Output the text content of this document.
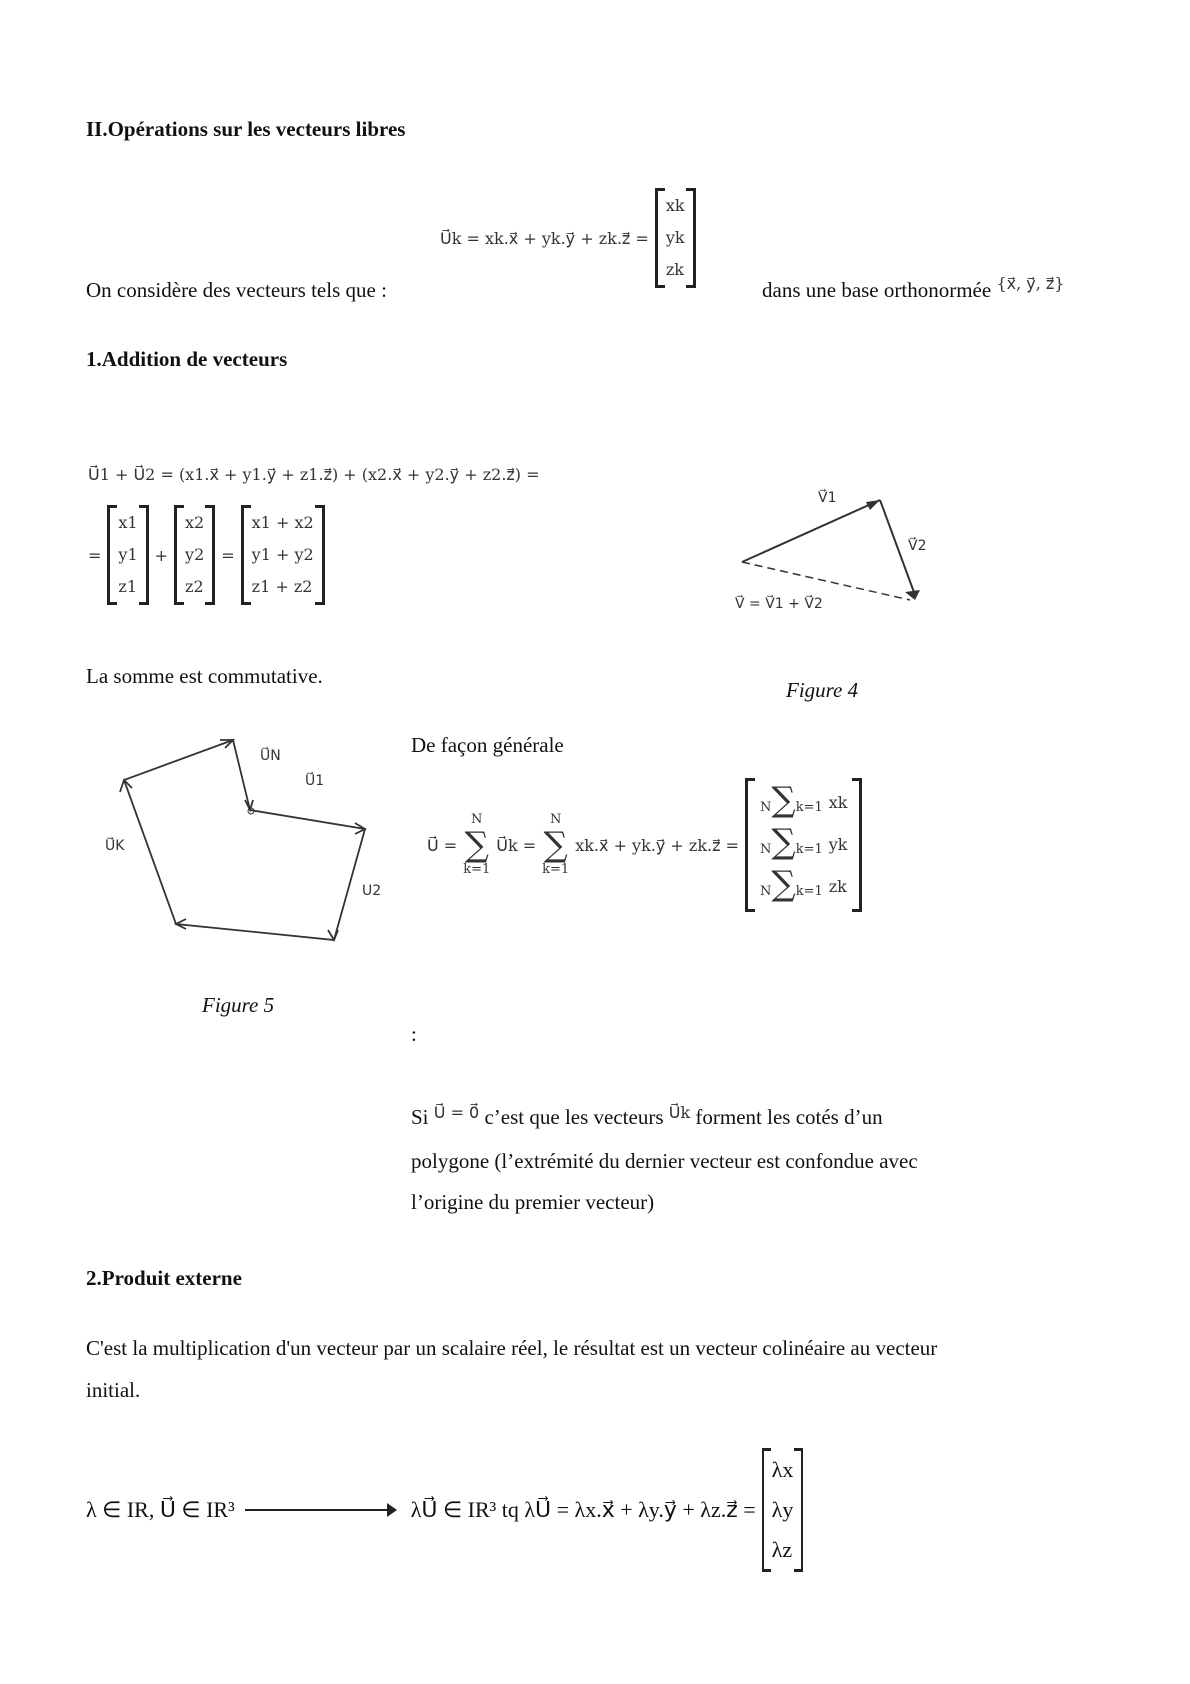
II.Opérations sur les vecteurs libres
On considère des vecteurs tels que :
U⃗k = xk.x⃗ + yk.y⃗ + zk.z⃗ =
xk
yk
zk
dans une base orthonormée $^{\{x⃗, y⃗, z⃗\}}$
1.Addition de vecteurs
U⃗1 + U⃗2 = (x1.x⃗ + y1.y⃗ + z1.z⃗) + (x2.x⃗ + y2.y⃗ + z2.z⃗) =
=
x1
y1
z1
+
x2
y2
z2
=
x1 + x2
y1 + y2
z1 + z2
La somme est commutative.
V⃗1
V⃗2
V⃗ = V⃗1 + V⃗2
Figure 4
U⃗N
U⃗1
U⃗K
U2
Figure 5
De façon générale
U⃗ =
N
∑
k=1
U⃗k =
N
∑
k=1
xk.x⃗ + yk.y⃗ + zk.z⃗ =
N∑k=1 xk
N∑k=1 yk
N∑k=1 zk
:
Si $^{U⃗ = 0⃗}$ c’est que les vecteurs $^{U⃗k}$ forment les cotés d’un
polygone (l’extrémité du dernier vecteur est confondue avec
l’origine du premier vecteur)
2.Produit externe
C'est la multiplication d'un vecteur par un scalaire réel, le résultat est un vecteur colinéaire au vecteur
initial.
λ ∈ IR, U⃗ ∈ IR³	λU⃗ ∈ IR³ tq λU⃗ = λx.x⃗ + λy.y⃗ + λz.z⃗ =
λx
λy
λz
